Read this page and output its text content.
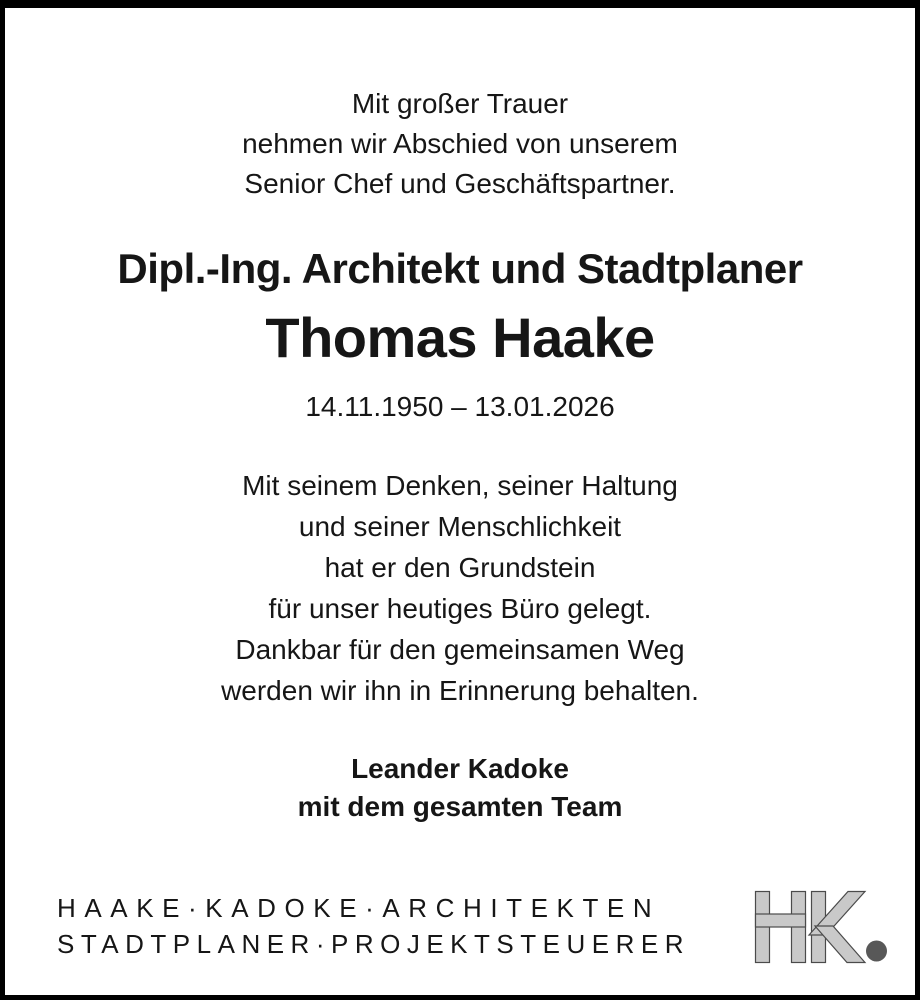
Mit großer Trauer
nehmen wir Abschied von unserem
Senior Chef und Geschäftspartner.
Dipl.-Ing. Architekt und Stadtplaner
Thomas Haake
14.11.1950 – 13.01.2026
Mit seinem Denken, seiner Haltung
und seiner Menschlichkeit
hat er den Grundstein
für unser heutiges Büro gelegt.
Dankbar für den gemeinsamen Weg
werden wir ihn in Erinnerung behalten.
Leander Kadoke
mit dem gesamten Team
HAAKE·KADOKE·ARCHITEKTEN
STADTPLANER·PROJEKTSTEUERER
